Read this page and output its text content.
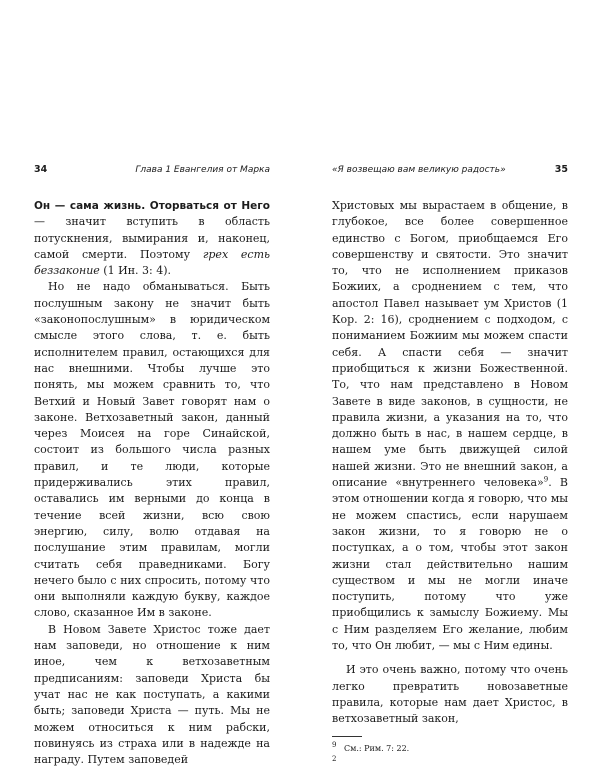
34	Глава 1 Евангелия от Марка

Он — сама жизнь. Оторваться от Него — значит вступить в область потускнения, вымирания и, наконец, самой смерти. Поэтому грех есть беззаконие (1 Ин. 3: 4).

Но не надо обманываться. Быть послушным закону не значит быть «законопослушным» в юридическом смысле этого слова, т. е. быть исполнителем правил, остающихся для нас внешними. Чтобы лучше это понять, мы можем сравнить то, что Ветхий и Новый Завет говорят нам о законе. Ветхозаветный закон, данный через Моисея на горе Синайской, состоит из большого числа разных правил, и те люди, которые придерживались этих правил, оставались им верными до конца в течение всей жизни, всю свою энергию, силу, волю отдавая на послушание этим правилам, могли считать себя праведниками. Богу нечего было с них спросить, потому что они выполняли каждую букву, каждое слово, сказанное Им в законе.

В Новом Завете Христос тоже дает нам заповеди, но отношение к ним иное, чем к ветхозаветным предписаниям: заповеди Христа бы учат нас не как поступать, а какими быть; заповеди Христа — путь. Мы не можем относиться к ним рабски, повинуясь из страха или в надежде на награду. Путем заповедей

«Я возвещаю вам великую радость»	35

Христовых мы вырастаем в общение, в глубокое, все более совершенное единство с Богом, приобщаемся Его совершенству и святости. Это значит то, что не исполнением приказов Божиих, а сроднением с тем, что апостол Павел называет ум Христов (1 Кор. 2: 16), сроднением с подходом, с пониманием Божиим мы можем спасти себя. А спасти себя — значит приобщиться к жизни Божественной. То, что нам представлено в Новом Завете в виде законов, в сущности, не правила жизни, а указания на то, что должно быть в нас, в нашем сердце, в нашем уме быть движущей силой нашей жизни. Это не внешний закон, а описание «внутреннего человека»$^9$. В этом отношении когда я говорю, что мы не можем спастись, если нарушаем закон жизни, то я говорю не о поступках, а о том, чтобы этот закон жизни стал действительно нашим существом и мы не могли иначе поступить, потому что уже приобщились к замыслу Божиему. Мы с Ним разделяем Его желание, любим то, что Он любит, — мы с Ним едины.

И это очень важно, потому что очень легко превратить новозаветные правила, которые нам дает Христос, в ветхозаветный закон,

$^9$ См.: Рим. 7: 22.
$^2$
